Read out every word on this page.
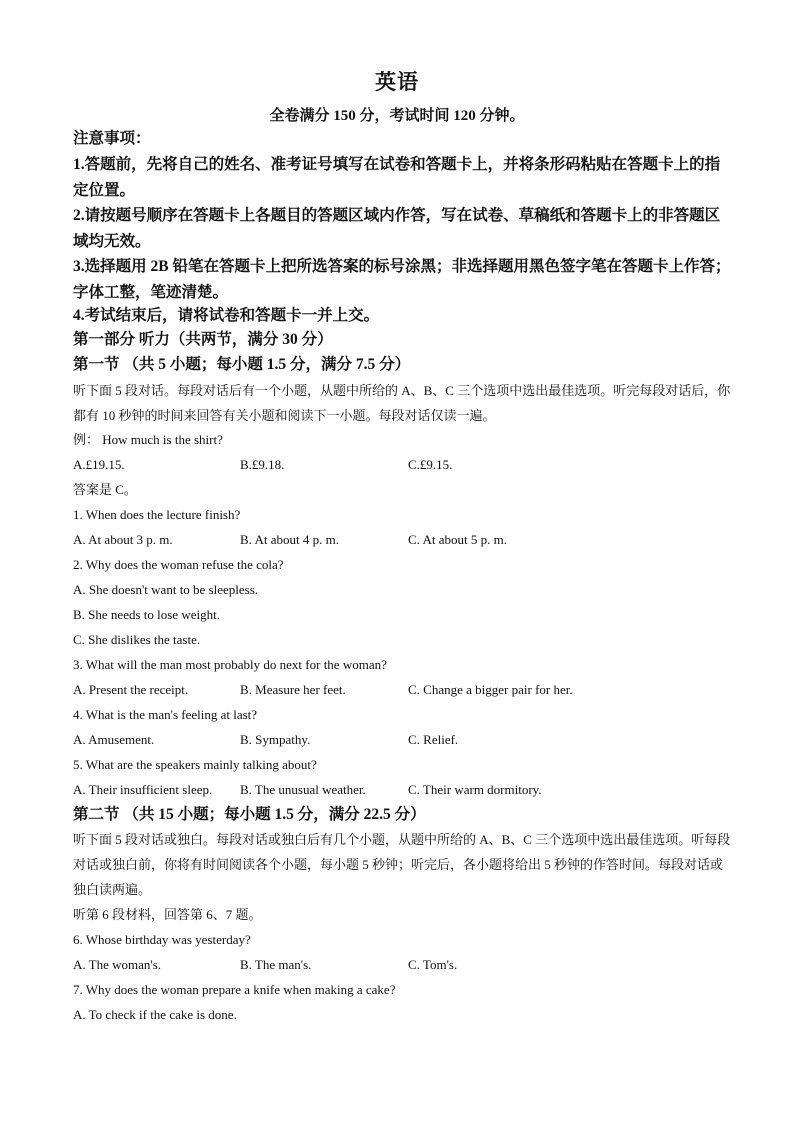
英语
全卷满分 150 分，考试时间 120 分钟。
注意事项：
1.答题前，先将自己的姓名、准考证号填写在试卷和答题卡上，并将条形码粘贴在答题卡上的指定位置。
2.请按题号顺序在答题卡上各题目的答题区域内作答，写在试卷、草稿纸和答题卡上的非答题区域均无效。
3.选择题用 2B 铅笔在答题卡上把所选答案的标号涂黑；非选择题用黑色签字笔在答题卡上作答；字体工整，笔迹清楚。
4.考试结束后，请将试卷和答题卡一并上交。
第一部分 听力（共两节，满分 30 分）
第一节 （共 5 小题；每小题 1.5 分，满分 7.5 分）
听下面 5 段对话。每段对话后有一个小题，从题中所给的 A、B、C 三个选项中选出最佳选项。听完每段对话后，你都有 10 秒钟的时间来回答有关小题和阅读下一小题。每段对话仅读一遍。
例： How much is the shirt?
A.£19.15.	B.£9.18.	C.£9.15.
答案是 C。
1. When does the lecture finish?
A. At about 3 p. m.	B. At about 4 p. m.	C. At about 5 p. m.
2. Why does the woman refuse the cola?
A. She doesn't want to be sleepless.
B. She needs to lose weight.
C. She dislikes the taste.
3. What will the man most probably do next for the woman?
A. Present the receipt.	B. Measure her feet.	C. Change a bigger pair for her.
4. What is the man's feeling at last?
A. Amusement.	B. Sympathy.	C. Relief.
5. What are the speakers mainly talking about?
A. Their insufficient sleep. B. The unusual weather.	C. Their warm dormitory.
第二节 （共 15 小题；每小题 1.5 分，满分 22.5 分）
听下面 5 段对话或独白。每段对话或独白后有几个小题，从题中所给的 A、B、C 三个选项中选出最佳选项。听每段对话或独白前，你将有时间阅读各个小题，每小题 5 秒钟；听完后，各小题将给出 5 秒钟的作答时间。每段对话或独白读两遍。
听第 6 段材料，回答第 6、7 题。
6. Whose birthday was yesterday?
A. The woman's.	B. The man's.	C. Tom's.
7. Why does the woman prepare a knife when making a cake?
A. To check if the cake is done.
